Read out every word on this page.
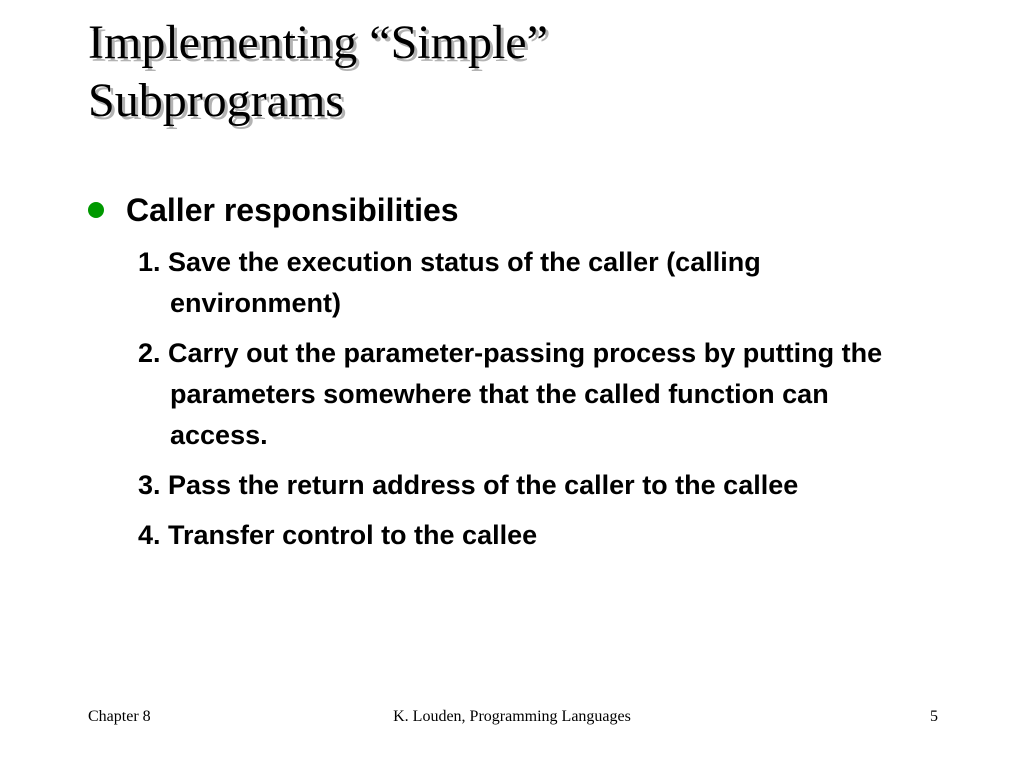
Implementing “Simple”
Subprograms
Caller responsibilities
1. Save the execution status of the caller (calling environment)
2. Carry out the parameter-passing process by putting the parameters somewhere that the called function can access.
3. Pass the return address of the caller to the callee
4. Transfer control to the callee
Chapter 8	K. Louden, Programming Languages	5
